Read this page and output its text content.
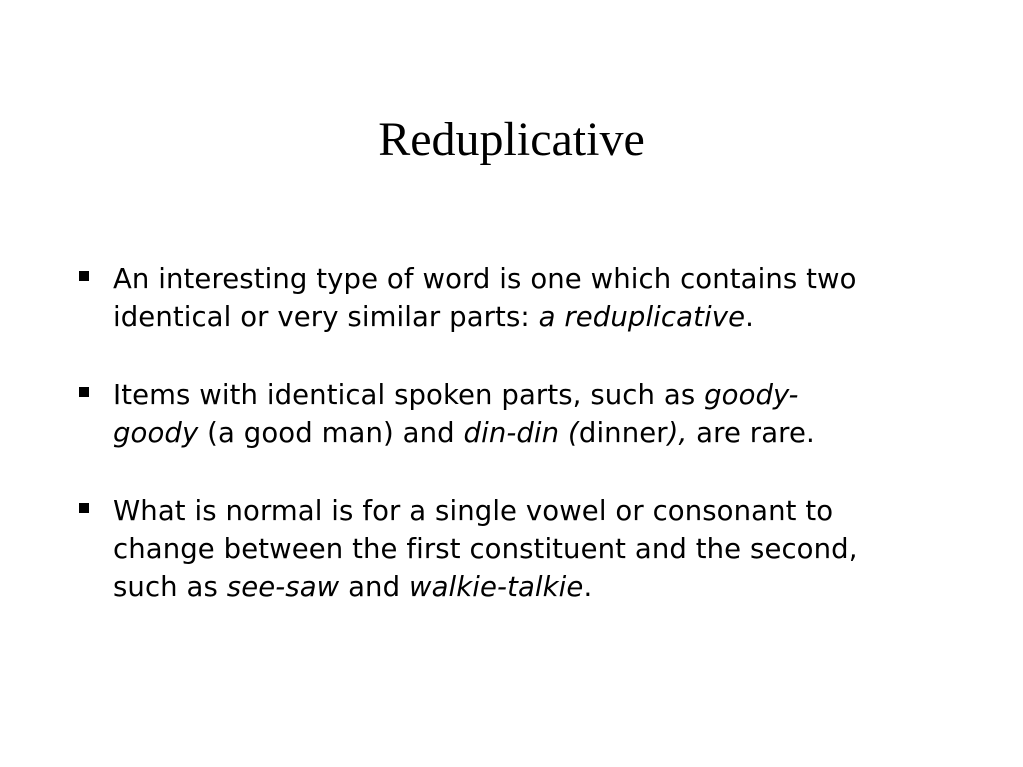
Reduplicative
An interesting type of word is one which contains two
identical or very similar parts: a reduplicative.
Items with identical spoken parts, such as goody-
goody (a good man) and din-din (dinner), are rare.
What is normal is for a single vowel or consonant to
change between the first constituent and the second,
such as see-saw and walkie-talkie.
